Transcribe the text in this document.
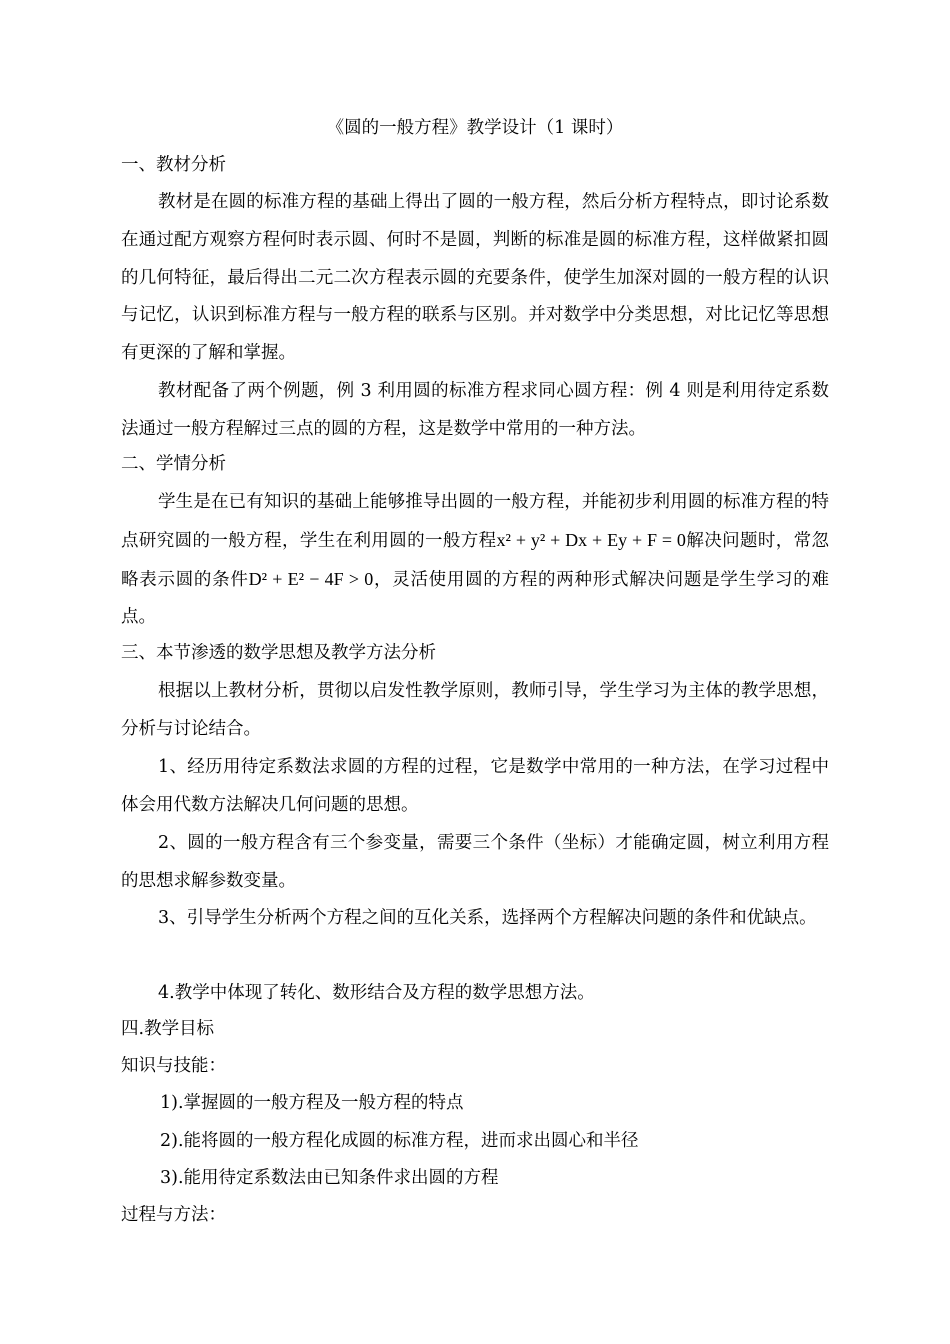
《圆的一般方程》教学设计（1 课时）
一、教材分析
教材是在圆的标准方程的基础上得出了圆的一般方程，然后分析方程特点，即讨论系数在通过配方观察方程何时表示圆、何时不是圆，判断的标准是圆的标准方程，这样做紧扣圆的几何特征，最后得出二元二次方程表示圆的充要条件，使学生加深对圆的一般方程的认识与记忆，认识到标准方程与一般方程的联系与区别。并对数学中分类思想，对比记忆等思想有更深的了解和掌握。
教材配备了两个例题，例 3 利用圆的标准方程求同心圆方程：例 4 则是利用待定系数法通过一般方程解过三点的圆的方程，这是数学中常用的一种方法。
二、学情分析
学生是在已有知识的基础上能够推导出圆的一般方程，并能初步利用圆的标准方程的特点研究圆的一般方程，学生在利用圆的一般方程x² + y² + Dx + Ey + F = 0解决问题时，常忽略表示圆的条件D² + E² − 4F > 0，灵活使用圆的方程的两种形式解决问题是学生学习的难点。
三、本节渗透的数学思想及教学方法分析
根据以上教材分析，贯彻以启发性教学原则，教师引导，学生学习为主体的教学思想，分析与讨论结合。
1、经历用待定系数法求圆的方程的过程，它是数学中常用的一种方法，在学习过程中体会用代数方法解决几何问题的思想。
2、圆的一般方程含有三个参变量，需要三个条件（坐标）才能确定圆，树立利用方程的思想求解参数变量。
3、引导学生分析两个方程之间的互化关系，选择两个方程解决问题的条件和优缺点。
4.教学中体现了转化、数形结合及方程的数学思想方法。
四.教学目标
知识与技能：
1).掌握圆的一般方程及一般方程的特点
2).能将圆的一般方程化成圆的标准方程，进而求出圆心和半径
3).能用待定系数法由已知条件求出圆的方程
过程与方法：
